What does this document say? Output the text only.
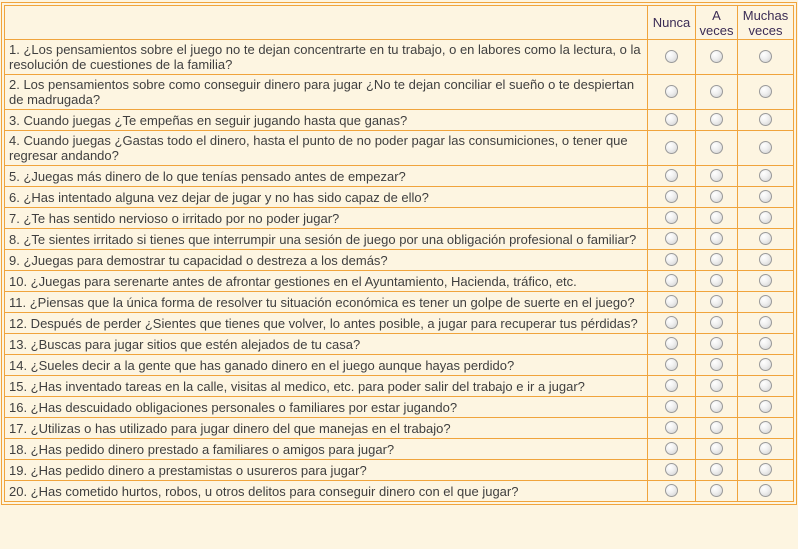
	Nunca	A veces	Muchas veces
1. ¿Los pensamientos sobre el juego no te dejan concentrarte en tu trabajo, o en labores como la lectura, o la resolución de cuestiones de la familia?			
2. Los pensamientos sobre como conseguir dinero para jugar ¿No te dejan conciliar el sueño o te despiertan de madrugada?			
3. Cuando juegas ¿Te empeñas en seguir jugando hasta que ganas?			
4. Cuando juegas ¿Gastas todo el dinero, hasta el punto de no poder pagar las consumiciones, o tener que regresar andando?			
5. ¿Juegas más dinero de lo que tenías pensado antes de empezar?			
6. ¿Has intentado alguna vez dejar de jugar y no has sido capaz de ello?			
7. ¿Te has sentido nervioso o irritado por no poder jugar?			
8. ¿Te sientes irritado si tienes que interrumpir una sesión de juego por una obligación profesional o familiar?			
9. ¿Juegas para demostrar tu capacidad o destreza a los demás?			
10. ¿Juegas para serenarte antes de afrontar gestiones en el Ayuntamiento, Hacienda, tráfico, etc.			
11. ¿Piensas que la única forma de resolver tu situación económica es tener un golpe de suerte en el juego?			
12. Después de perder ¿Sientes que tienes que volver, lo antes posible, a jugar para recuperar tus pérdidas?			
13. ¿Buscas para jugar sitios que estén alejados de tu casa?			
14. ¿Sueles decir a la gente que has ganado dinero en el juego aunque hayas perdido?			
15. ¿Has inventado tareas en la calle, visitas al medico, etc. para poder salir del trabajo e ir a jugar?			
16. ¿Has descuidado obligaciones personales o familiares por estar jugando?			
17. ¿Utilizas o has utilizado para jugar dinero del que manejas en el trabajo?			
18. ¿Has pedido dinero prestado a familiares o amigos para jugar?			
19. ¿Has pedido dinero a prestamistas o usureros para jugar?			
20. ¿Has cometido hurtos, robos, u otros delitos para conseguir dinero con el que jugar?			
